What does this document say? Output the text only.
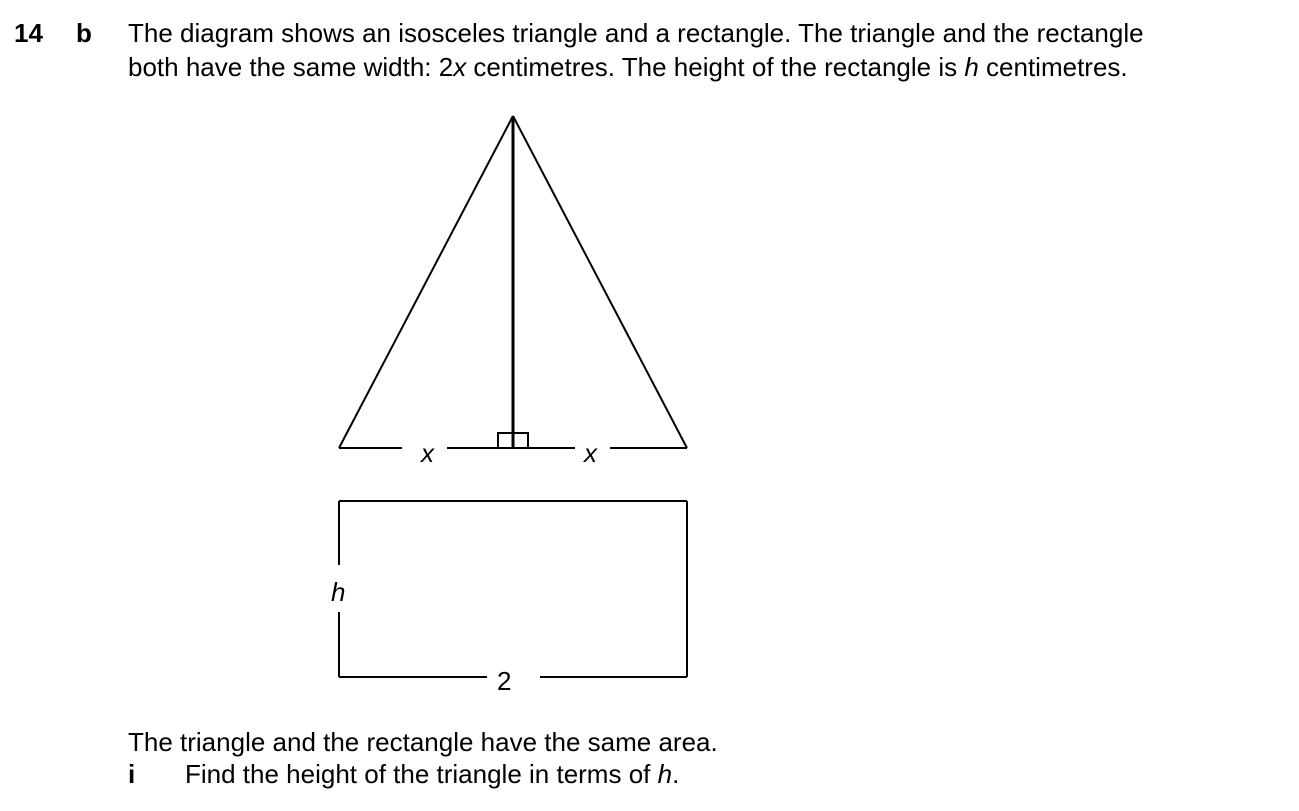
14 b The diagram shows an isosceles triangle and a rectangle. The triangle and the rectangle
both have the same width: 2x centimetres. The height of the rectangle is h centimetres.
x	x
h
2
The triangle and the rectangle have the same area.
i Find the height of the triangle in terms of h.
